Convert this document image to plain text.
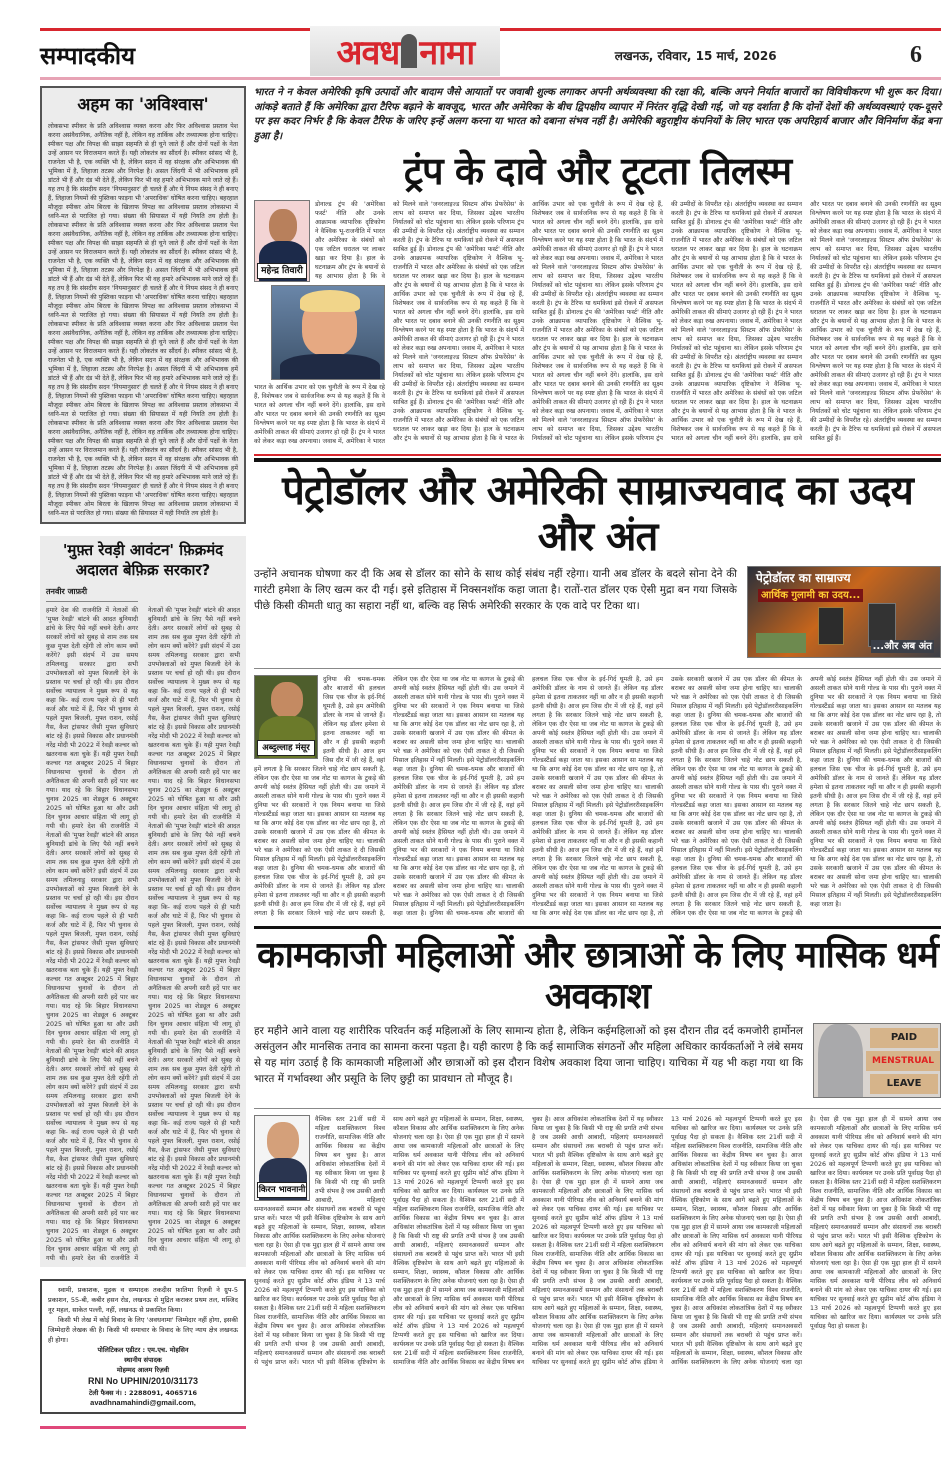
सम्पादकीय	अवध नामा	लखनऊ, रविवार, 15 मार्च, 2026	6
अहम का 'अविश्वास'
लोकसभा स्पीकर के प्रति अविश्वास व्यक्त करना और फिर अविश्वास प्रस्ताव पेश करना असंवैधानिक, अनैतिक नहीं है, लेकिन वह तार्किक और तथ्यात्मक होना चाहिए। स्पीकर पक्ष और विपक्ष की साझा सहमति से ही चुने जाते हैं और दोनों पक्षों के नेता उन्हें आसन पर विराजमान करते हैं। यही लोकतंत्र का सौंदर्य है। स्पीकर सांसद भी है, राजनेता भी है, एक व्यक्ति भी है, लेकिन सदन में वह संरक्षक और अभिभावक की भूमिका में है, लिहाजा तटस्थ और निरपेक्ष है। असल जिंदगी में भी अभिभावक हमें डांटते भी हैं और दंड भी देते हैं, लेकिन फिर भी वह हमारे अभिभावक माने जाते रहे हैं। यह तय है कि संसदीय सदन 'नियमानुसार' ही चलते हैं और ये नियम संसद ने ही बनाए हैं, लिहाजा नियमों की पुस्तिका फाड़ना भी 'अपराधिक' घोषित करना चाहिए। बहरहाल मौजूदा स्पीकर ओम बिरला के खिलाफ विपक्ष का अविश्वास प्रस्ताव लोकसभा में ध्वनि-मत से पराजित हो गया। संख्या की सियासत में यही नियति तय होती है। लोकसभा स्पीकर के प्रति अविश्वास व्यक्त करना और फिर अविश्वास प्रस्ताव पेश करना असंवैधानिक, अनैतिक नहीं है, लेकिन वह तार्किक और तथ्यात्मक होना चाहिए। स्पीकर पक्ष और विपक्ष की साझा सहमति से ही चुने जाते हैं और दोनों पक्षों के नेता उन्हें आसन पर विराजमान करते हैं। यही लोकतंत्र का सौंदर्य है। स्पीकर सांसद भी है, राजनेता भी है, एक व्यक्ति भी है, लेकिन सदन में वह संरक्षक और अभिभावक की भूमिका में है, लिहाजा तटस्थ और निरपेक्ष है। असल जिंदगी में भी अभिभावक हमें डांटते भी हैं और दंड भी देते हैं, लेकिन फिर भी वह हमारे अभिभावक माने जाते रहे हैं। यह तय है कि संसदीय सदन 'नियमानुसार' ही चलते हैं और ये नियम संसद ने ही बनाए हैं, लिहाजा नियमों की पुस्तिका फाड़ना भी 'अपराधिक' घोषित करना चाहिए। बहरहाल मौजूदा स्पीकर ओम बिरला के खिलाफ विपक्ष का अविश्वास प्रस्ताव लोकसभा में ध्वनि-मत से पराजित हो गया। संख्या की सियासत में यही नियति तय होती है। लोकसभा स्पीकर के प्रति अविश्वास व्यक्त करना और फिर अविश्वास प्रस्ताव पेश करना असंवैधानिक, अनैतिक नहीं है, लेकिन वह तार्किक और तथ्यात्मक होना चाहिए। स्पीकर पक्ष और विपक्ष की साझा सहमति से ही चुने जाते हैं और दोनों पक्षों के नेता उन्हें आसन पर विराजमान करते हैं। यही लोकतंत्र का सौंदर्य है। स्पीकर सांसद भी है, राजनेता भी है, एक व्यक्ति भी है, लेकिन सदन में वह संरक्षक और अभिभावक की भूमिका में है, लिहाजा तटस्थ और निरपेक्ष है। असल जिंदगी में भी अभिभावक हमें डांटते भी हैं और दंड भी देते हैं, लेकिन फिर भी वह हमारे अभिभावक माने जाते रहे हैं। यह तय है कि संसदीय सदन 'नियमानुसार' ही चलते हैं और ये नियम संसद ने ही बनाए हैं, लिहाजा नियमों की पुस्तिका फाड़ना भी 'अपराधिक' घोषित करना चाहिए। बहरहाल मौजूदा स्पीकर ओम बिरला के खिलाफ विपक्ष का अविश्वास प्रस्ताव लोकसभा में ध्वनि-मत से पराजित हो गया। संख्या की सियासत में यही नियति तय होती है। लोकसभा स्पीकर के प्रति अविश्वास व्यक्त करना और फिर अविश्वास प्रस्ताव पेश करना असंवैधानिक, अनैतिक नहीं है, लेकिन वह तार्किक और तथ्यात्मक होना चाहिए। स्पीकर पक्ष और विपक्ष की साझा सहमति से ही चुने जाते हैं और दोनों पक्षों के नेता उन्हें आसन पर विराजमान करते हैं। यही लोकतंत्र का सौंदर्य है। स्पीकर सांसद भी है, राजनेता भी है, एक व्यक्ति भी है, लेकिन सदन में वह संरक्षक और अभिभावक की भूमिका में है, लिहाजा तटस्थ और निरपेक्ष है। असल जिंदगी में भी अभिभावक हमें डांटते भी हैं और दंड भी देते हैं, लेकिन फिर भी वह हमारे अभिभावक माने जाते रहे हैं। यह तय है कि संसदीय सदन 'नियमानुसार' ही चलते हैं और ये नियम संसद ने ही बनाए हैं, लिहाजा नियमों की पुस्तिका फाड़ना भी 'अपराधिक' घोषित करना चाहिए। बहरहाल मौजूदा स्पीकर ओम बिरला के खिलाफ विपक्ष का अविश्वास प्रस्ताव लोकसभा में ध्वनि-मत से पराजित हो गया। संख्या की सियासत में यही नियति तय होती है।
'मुफ़्त रेवड़ी आवंटन' फ़िक्रमंद अदालत बेफ़िक्र सरकार?
तनवीर जाफ़री
हमारे देश की राजनीति में नेताओं की 'मुफ्त रेवड़ी' बांटने की आदत बुनियादी ढांचे के लिए पैसे नहीं बचने देती। अगर सरकारें लोगों को सुबह से शाम तक सब कुछ मुफ्त देती रहेंगी तो लोग काम क्यों करेंगे? इसी संदर्भ में उस समय तमिलनाडु सरकार द्वारा सभी उपभोक्ताओं को मुफ्त बिजली देने के प्रस्ताव पर चर्चा हो रही थी। इस दौरान सर्वोच्च न्यायालय ने मुख्य रूप से यह कहा कि- कई राज्य पहले से ही भारी कर्ज और घाटे में हैं, फिर भी चुनाव से पहले मुफ्त बिजली, मुफ्त राशन, रसोई गैस, कैश ट्रांसफर जैसी मुफ्त सुविधाएं बांट रहे हैं। इससे विकास और प्रधानमंत्री नरेंद्र मोदी भी 2022 में रेवड़ी कल्चर को खतरनाक बता चुके हैं। यही मुफ्त रेवड़ी कल्चर गत अक्टूबर 2025 में बिहार विधानसभा चुनावों के दौरान तो अनैतिकता की अपनी सारी हदें पार कर गया। याद रहे कि बिहार विधानसभा चुनाव 2025 का शेड्यूल 6 अक्टूबर 2025 को घोषित हुआ था और उसी दिन चुनाव आचार संहिता भी लागू हो गयी थी। हमारे देश की राजनीति में नेताओं की 'मुफ्त रेवड़ी' बांटने की आदत बुनियादी ढांचे के लिए पैसे नहीं बचने देती। अगर सरकारें लोगों को सुबह से शाम तक सब कुछ मुफ्त देती रहेंगी तो लोग काम क्यों करेंगे? इसी संदर्भ में उस समय तमिलनाडु सरकार द्वारा सभी उपभोक्ताओं को मुफ्त बिजली देने के प्रस्ताव पर चर्चा हो रही थी। इस दौरान सर्वोच्च न्यायालय ने मुख्य रूप से यह कहा कि- कई राज्य पहले से ही भारी कर्ज और घाटे में हैं, फिर भी चुनाव से पहले मुफ्त बिजली, मुफ्त राशन, रसोई गैस, कैश ट्रांसफर जैसी मुफ्त सुविधाएं बांट रहे हैं। इससे विकास और प्रधानमंत्री नरेंद्र मोदी भी 2022 में रेवड़ी कल्चर को खतरनाक बता चुके हैं। यही मुफ्त रेवड़ी कल्चर गत अक्टूबर 2025 में बिहार विधानसभा चुनावों के दौरान तो अनैतिकता की अपनी सारी हदें पार कर गया। याद रहे कि बिहार विधानसभा चुनाव 2025 का शेड्यूल 6 अक्टूबर 2025 को घोषित हुआ था और उसी दिन चुनाव आचार संहिता भी लागू हो गयी थी। हमारे देश की राजनीति में नेताओं की 'मुफ्त रेवड़ी' बांटने की आदत बुनियादी ढांचे के लिए पैसे नहीं बचने देती। अगर सरकारें लोगों को सुबह से शाम तक सब कुछ मुफ्त देती रहेंगी तो लोग काम क्यों करेंगे? इसी संदर्भ में उस समय तमिलनाडु सरकार द्वारा सभी उपभोक्ताओं को मुफ्त बिजली देने के प्रस्ताव पर चर्चा हो रही थी। इस दौरान सर्वोच्च न्यायालय ने मुख्य रूप से यह कहा कि- कई राज्य पहले से ही भारी कर्ज और घाटे में हैं, फिर भी चुनाव से पहले मुफ्त बिजली, मुफ्त राशन, रसोई गैस, कैश ट्रांसफर जैसी मुफ्त सुविधाएं बांट रहे हैं। इससे विकास और प्रधानमंत्री नरेंद्र मोदी भी 2022 में रेवड़ी कल्चर को खतरनाक बता चुके हैं। यही मुफ्त रेवड़ी कल्चर गत अक्टूबर 2025 में बिहार विधानसभा चुनावों के दौरान तो अनैतिकता की अपनी सारी हदें पार कर गया। याद रहे कि बिहार विधानसभा चुनाव 2025 का शेड्यूल 6 अक्टूबर 2025 को घोषित हुआ था और उसी दिन चुनाव आचार संहिता भी लागू हो गयी थी। हमारे देश की राजनीति में नेताओं की 'मुफ्त रेवड़ी' बांटने की आदत बुनियादी ढांचे के लिए पैसे नहीं बचने देती। अगर सरकारें लोगों को सुबह से शाम तक सब कुछ मुफ्त देती रहेंगी तो लोग काम क्यों करेंगे? इसी संदर्भ में उस समय तमिलनाडु सरकार द्वारा सभी उपभोक्ताओं को मुफ्त बिजली देने के प्रस्ताव पर चर्चा हो रही थी। इस दौरान सर्वोच्च न्यायालय ने मुख्य रूप से यह कहा कि- कई राज्य पहले से ही भारी कर्ज और घाटे में हैं, फिर भी चुनाव से पहले मुफ्त बिजली, मुफ्त राशन, रसोई गैस, कैश ट्रांसफर जैसी मुफ्त सुविधाएं बांट रहे हैं। इससे विकास और प्रधानमंत्री नरेंद्र मोदी भी 2022 में रेवड़ी कल्चर को खतरनाक बता चुके हैं। यही मुफ्त रेवड़ी कल्चर गत अक्टूबर 2025 में बिहार विधानसभा चुनावों के दौरान तो अनैतिकता की अपनी सारी हदें पार कर गया। याद रहे कि बिहार विधानसभा चुनाव 2025 का शेड्यूल 6 अक्टूबर 2025 को घोषित हुआ था और उसी दिन चुनाव आचार संहिता भी लागू हो गयी थी। हमारे देश की राजनीति में नेताओं की 'मुफ्त रेवड़ी' बांटने की आदत बुनियादी ढांचे के लिए पैसे नहीं बचने देती। अगर सरकारें लोगों को सुबह से शाम तक सब कुछ मुफ्त देती रहेंगी तो लोग काम क्यों करेंगे? इसी संदर्भ में उस समय तमिलनाडु सरकार द्वारा सभी उपभोक्ताओं को मुफ्त बिजली देने के प्रस्ताव पर चर्चा हो रही थी। इस दौरान सर्वोच्च न्यायालय ने मुख्य रूप से यह कहा कि- कई राज्य पहले से ही भारी कर्ज और घाटे में हैं, फिर भी चुनाव से पहले मुफ्त बिजली, मुफ्त राशन, रसोई गैस, कैश ट्रांसफर जैसी मुफ्त सुविधाएं बांट रहे हैं। इससे विकास और प्रधानमंत्री नरेंद्र मोदी भी 2022 में रेवड़ी कल्चर को खतरनाक बता चुके हैं। यही मुफ्त रेवड़ी कल्चर गत अक्टूबर 2025 में बिहार विधानसभा चुनावों के दौरान तो अनैतिकता की अपनी सारी हदें पार कर गया। याद रहे कि बिहार विधानसभा चुनाव 2025 का शेड्यूल 6 अक्टूबर 2025 को घोषित हुआ था और उसी दिन चुनाव आचार संहिता भी लागू हो गयी थी। हमारे देश की राजनीति में नेताओं की 'मुफ्त रेवड़ी' बांटने की आदत बुनियादी ढांचे के लिए पैसे नहीं बचने देती। अगर सरकारें लोगों को सुबह से शाम तक सब कुछ मुफ्त देती रहेंगी तो लोग काम क्यों करेंगे? इसी संदर्भ में उस समय तमिलनाडु सरकार द्वारा सभी उपभोक्ताओं को मुफ्त बिजली देने के प्रस्ताव पर चर्चा हो रही थी। इस दौरान सर्वोच्च न्यायालय ने मुख्य रूप से यह कहा कि- कई राज्य पहले से ही भारी कर्ज और घाटे में हैं, फिर भी चुनाव से पहले मुफ्त बिजली, मुफ्त राशन, रसोई गैस, कैश ट्रांसफर जैसी मुफ्त सुविधाएं बांट रहे हैं। इससे विकास और प्रधानमंत्री नरेंद्र मोदी भी 2022 में रेवड़ी कल्चर को खतरनाक बता चुके हैं। यही मुफ्त रेवड़ी कल्चर गत अक्टूबर 2025 में बिहार विधानसभा चुनावों के दौरान तो अनैतिकता की अपनी सारी हदें पार कर गया। याद रहे कि बिहार विधानसभा चुनाव 2025 का शेड्यूल 6 अक्टूबर 2025 को घोषित हुआ था और उसी दिन चुनाव आचार संहिता भी लागू हो गयी थी।
स्वामी, प्रकाशक, मुद्रक व सम्पादक तकदीस फ़ातिमा रिज़वी ने ग्रुप-5 प्रकाशन, 55-बी, कबीर हसन रोड, लखनऊ से मुद्रित कराकर प्रथम तल, मस्जिद नूर महल, साकेत पल्ली, नहीं, लखनऊ से प्रकाशित किया।
किसी भी लेख में कोई विवाद के लिए 'अवधनामा' जिम्मेदार नहीं होगा, इसकी जिम्मेदारी लेखक की है। किसी भी समाचार के विवाद के लिए न्याय क्षेत्र लखनऊ ही होगा।
पोलिटिकल एडीटर : एम.एच. मोहसिन
स्थानीय संपादक
मोहम्मद आलम रिज़वी
RNI No UPHIN/2010/31173
टेली फैक्स नं। : 2288091, 4065716
avadhnamahindi@gmail.com,
भारत ने न केवल अमेरिकी कृषि उत्पादों और बादाम जैसे आयातों पर जवाबी शुल्क लगाकर अपनी अर्थव्यवस्था की रक्षा की, बल्कि अपने निर्यात बाजारों का विविधीकरण भी शुरू कर दिया। आंकड़े बताते हैं कि अमेरिका द्वारा टैरिफ बढ़ाने के बावजूद, भारत और अमेरिका के बीच द्विपक्षीय व्यापार में निरंतर वृद्धि देखी गई, जो यह दर्शाता है कि दोनों देशों की अर्थव्यवस्थाएं एक-दूसरे पर इस कदर निर्भर है कि केवल टैरिफ के जरिए इन्हें अलग करना या भारत को दबाना संभव नहीं है। अमेरिकी बहुराष्ट्रीय कंपनियों के लिए भारत एक अपरिहार्य बाजार और विनिर्माण केंद्र बना हुआ है।
ट्रंप के दावे और टूटता तिलस्म
महेन्द्र तिवारी
डोनाल्ड ट्रंप की 'अमेरिका फर्स्ट' नीति और उनके आक्रामक व्यापारिक दृष्टिकोण ने वैश्विक भू-राजनीति में भारत और अमेरिका के संबंधों को एक जटिल धरातल पर लाकर खड़ा कर दिया है। हाल के घटनाक्रम और ट्रंप के बयानों से यह आभास होता है कि वे भारत के आर्थिक उभार को एक चुनौती के रूप में देख रहे हैं, विशेषकर जब वे सार्वजनिक रूप से यह कहते हैं कि वे भारत को अगला चीन नहीं बनने देंगे। हालांकि, इस दावे और भारत पर दबाव बनाने की उनकी रणनीति का सूक्ष्म विश्लेषण करने पर यह स्पष्ट होता है कि भारत के संदर्भ में अमेरिकी ताकत की सीमाएं उजागर हो रही हैं। ट्रंप ने भारत को लेकर कड़ा रुख अपनाया। जवाब में, अमेरिका ने भारत को मिलने वाले 'जनरलाइज्ड सिस्टम ऑफ प्रेफरेंसेस' के लाभ को समाप्त कर दिया, जिसका उद्देश्य भारतीय निर्यातकों को चोट पहुंचाना था। लेकिन इसके परिणाम ट्रंप की उम्मीदों के विपरीत रहे। अंतर्राष्ट्रीय व्यवस्था का सम्मान करती है। ट्रंप के टैरिफ या धमकियां इसे रोकने में असफल साबित हुई हैं। डोनाल्ड ट्रंप की 'अमेरिका फर्स्ट' नीति और उनके आक्रामक व्यापारिक दृष्टिकोण ने वैश्विक भू-राजनीति में भारत और अमेरिका के संबंधों को एक जटिल धरातल पर लाकर खड़ा कर दिया है। हाल के घटनाक्रम और ट्रंप के बयानों से यह आभास होता है कि वे भारत के आर्थिक उभार को एक चुनौती के रूप में देख रहे हैं, विशेषकर जब वे सार्वजनिक रूप से यह कहते हैं कि वे भारत को अगला चीन नहीं बनने देंगे। हालांकि, इस दावे और भारत पर दबाव बनाने की उनकी रणनीति का सूक्ष्म विश्लेषण करने पर यह स्पष्ट होता है कि भारत के संदर्भ में अमेरिकी ताकत की सीमाएं उजागर हो रही हैं। ट्रंप ने भारत को लेकर कड़ा रुख अपनाया। जवाब में, अमेरिका ने भारत को मिलने वाले 'जनरलाइज्ड सिस्टम ऑफ प्रेफरेंसेस' के लाभ को समाप्त कर दिया, जिसका उद्देश्य भारतीय निर्यातकों को चोट पहुंचाना था। लेकिन इसके परिणाम ट्रंप की उम्मीदों के विपरीत रहे। अंतर्राष्ट्रीय व्यवस्था का सम्मान करती है। ट्रंप के टैरिफ या धमकियां इसे रोकने में असफल साबित हुई हैं। डोनाल्ड ट्रंप की 'अमेरिका फर्स्ट' नीति और उनके आक्रामक व्यापारिक दृष्टिकोण ने वैश्विक भू-राजनीति में भारत और अमेरिका के संबंधों को एक जटिल धरातल पर लाकर खड़ा कर दिया है। हाल के घटनाक्रम और ट्रंप के बयानों से यह आभास होता है कि वे भारत के आर्थिक उभार को एक चुनौती के रूप में देख रहे हैं, विशेषकर जब वे सार्वजनिक रूप से यह कहते हैं कि वे भारत को अगला चीन नहीं बनने देंगे। हालांकि, इस दावे और भारत पर दबाव बनाने की उनकी रणनीति का सूक्ष्म विश्लेषण करने पर यह स्पष्ट होता है कि भारत के संदर्भ में अमेरिकी ताकत की सीमाएं उजागर हो रही हैं। ट्रंप ने भारत को लेकर कड़ा रुख अपनाया। जवाब में, अमेरिका ने भारत को मिलने वाले 'जनरलाइज्ड सिस्टम ऑफ प्रेफरेंसेस' के लाभ को समाप्त कर दिया, जिसका उद्देश्य भारतीय निर्यातकों को चोट पहुंचाना था। लेकिन इसके परिणाम ट्रंप की उम्मीदों के विपरीत रहे। अंतर्राष्ट्रीय व्यवस्था का सम्मान करती है। ट्रंप के टैरिफ या धमकियां इसे रोकने में असफल साबित हुई हैं। डोनाल्ड ट्रंप की 'अमेरिका फर्स्ट' नीति और उनके आक्रामक व्यापारिक दृष्टिकोण ने वैश्विक भू-राजनीति में भारत और अमेरिका के संबंधों को एक जटिल धरातल पर लाकर खड़ा कर दिया है। हाल के घटनाक्रम और ट्रंप के बयानों से यह आभास होता है कि वे भारत के आर्थिक उभार को एक चुनौती के रूप में देख रहे हैं, विशेषकर जब वे सार्वजनिक रूप से यह कहते हैं कि वे भारत को अगला चीन नहीं बनने देंगे। हालांकि, इस दावे और भारत पर दबाव बनाने की उनकी रणनीति का सूक्ष्म विश्लेषण करने पर यह स्पष्ट होता है कि भारत के संदर्भ में अमेरिकी ताकत की सीमाएं उजागर हो रही हैं। ट्रंप ने भारत को लेकर कड़ा रुख अपनाया। जवाब में, अमेरिका ने भारत को मिलने वाले 'जनरलाइज्ड सिस्टम ऑफ प्रेफरेंसेस' के लाभ को समाप्त कर दिया, जिसका उद्देश्य भारतीय निर्यातकों को चोट पहुंचाना था। लेकिन इसके परिणाम ट्रंप की उम्मीदों के विपरीत रहे। अंतर्राष्ट्रीय व्यवस्था का सम्मान करती है। ट्रंप के टैरिफ या धमकियां इसे रोकने में असफल साबित हुई हैं। डोनाल्ड ट्रंप की 'अमेरिका फर्स्ट' नीति और उनके आक्रामक व्यापारिक दृष्टिकोण ने वैश्विक भू-राजनीति में भारत और अमेरिका के संबंधों को एक जटिल धरातल पर लाकर खड़ा कर दिया है। हाल के घटनाक्रम और ट्रंप के बयानों से यह आभास होता है कि वे भारत के आर्थिक उभार को एक चुनौती के रूप में देख रहे हैं, विशेषकर जब वे सार्वजनिक रूप से यह कहते हैं कि वे भारत को अगला चीन नहीं बनने देंगे। हालांकि, इस दावे और भारत पर दबाव बनाने की उनकी रणनीति का सूक्ष्म विश्लेषण करने पर यह स्पष्ट होता है कि भारत के संदर्भ में अमेरिकी ताकत की सीमाएं उजागर हो रही हैं। ट्रंप ने भारत को लेकर कड़ा रुख अपनाया। जवाब में, अमेरिका ने भारत को मिलने वाले 'जनरलाइज्ड सिस्टम ऑफ प्रेफरेंसेस' के लाभ को समाप्त कर दिया, जिसका उद्देश्य भारतीय निर्यातकों को चोट पहुंचाना था। लेकिन इसके परिणाम ट्रंप की उम्मीदों के विपरीत रहे। अंतर्राष्ट्रीय व्यवस्था का सम्मान करती है। ट्रंप के टैरिफ या धमकियां इसे रोकने में असफल साबित हुई हैं। डोनाल्ड ट्रंप की 'अमेरिका फर्स्ट' नीति और उनके आक्रामक व्यापारिक दृष्टिकोण ने वैश्विक भू-राजनीति में भारत और अमेरिका के संबंधों को एक जटिल धरातल पर लाकर खड़ा कर दिया है। हाल के घटनाक्रम और ट्रंप के बयानों से यह आभास होता है कि वे भारत के आर्थिक उभार को एक चुनौती के रूप में देख रहे हैं, विशेषकर जब वे सार्वजनिक रूप से यह कहते हैं कि वे भारत को अगला चीन नहीं बनने देंगे। हालांकि, इस दावे और भारत पर दबाव बनाने की उनकी रणनीति का सूक्ष्म विश्लेषण करने पर यह स्पष्ट होता है कि भारत के संदर्भ में अमेरिकी ताकत की सीमाएं उजागर हो रही हैं। ट्रंप ने भारत को लेकर कड़ा रुख अपनाया। जवाब में, अमेरिका ने भारत को मिलने वाले 'जनरलाइज्ड सिस्टम ऑफ प्रेफरेंसेस' के लाभ को समाप्त कर दिया, जिसका उद्देश्य भारतीय निर्यातकों को चोट पहुंचाना था। लेकिन इसके परिणाम ट्रंप की उम्मीदों के विपरीत रहे। अंतर्राष्ट्रीय व्यवस्था का सम्मान करती है। ट्रंप के टैरिफ या धमकियां इसे रोकने में असफल साबित हुई हैं। डोनाल्ड ट्रंप की 'अमेरिका फर्स्ट' नीति और उनके आक्रामक व्यापारिक दृष्टिकोण ने वैश्विक भू-राजनीति में भारत और अमेरिका के संबंधों को एक जटिल धरातल पर लाकर खड़ा कर दिया है। हाल के घटनाक्रम और ट्रंप के बयानों से यह आभास होता है कि वे भारत के आर्थिक उभार को एक चुनौती के रूप में देख रहे हैं, विशेषकर जब वे सार्वजनिक रूप से यह कहते हैं कि वे भारत को अगला चीन नहीं बनने देंगे। हालांकि, इस दावे और भारत पर दबाव बनाने की उनकी रणनीति का सूक्ष्म विश्लेषण करने पर यह स्पष्ट होता है कि भारत के संदर्भ में अमेरिकी ताकत की सीमाएं उजागर हो रही हैं। ट्रंप ने भारत को लेकर कड़ा रुख अपनाया। जवाब में, अमेरिका ने भारत को मिलने वाले 'जनरलाइज्ड सिस्टम ऑफ प्रेफरेंसेस' के लाभ को समाप्त कर दिया, जिसका उद्देश्य भारतीय निर्यातकों को चोट पहुंचाना था। लेकिन इसके परिणाम ट्रंप की उम्मीदों के विपरीत रहे। अंतर्राष्ट्रीय व्यवस्था का सम्मान करती है। ट्रंप के टैरिफ या धमकियां इसे रोकने में असफल साबित हुई हैं।
पेट्रोडॉलर और अमेरिकी साम्राज्यवाद का उदय और अंत
उन्होंने अचानक घोषणा कर दी कि अब से डॉलर का सोने के साथ कोई संबंध नहीं रहेगा। यानी अब डॉलर के बदले सोना देने की गारंटी हमेशा के लिए खत्म कर दी गई। इसे इतिहास में निक्सनशॉक कहा जाता है। रातों-रात डॉलर एक ऐसी मुद्रा बन गया जिसके पीछे किसी कीमती धातु का सहारा नहीं था, बल्कि वह सिर्फ अमेरिकी सरकार के एक वादे पर टिका था।
पेट्रोडॉलर का साम्राज्य
आर्थिक गुलामी का उदय...
...और अब अंत
अब्दुल्लाह मंसूर
दुनिया की चमक-धमक और बाजारों की हलचल जिस एक चीज के इर्द-गिर्द घूमती है, उसे हम अमेरिकी डॉलर के नाम से जानते हैं। लेकिन यह डॉलर हमेशा से इतना ताकतवर नहीं था और न ही इसकी कहानी इतनी सीधी है। आज हम जिस दौर में जी रहे हैं, वहां हमें लगता है कि सरकार जितने चाहे नोट छाप सकती है, लेकिन एक दौर ऐसा था जब नोट या कागज के टुकड़े की अपनी कोई स्वतंत्र हैसियत नहीं होती थी। उस जमाने में असली ताकत सोने यानी गोल्ड के पास थी। पुराने वक्त में दुनिया भर की सरकारों ने एक नियम बनाया था जिसे गोल्डस्टैंडर्ड कहा जाता था। इसका आसान सा मतलब यह था कि अगर कोई देश एक डॉलर का नोट छाप रहा है, तो उसके सरकारी खजाने में उस एक डॉलर की कीमत के बराबर का असली सोना जमा होना चाहिए था। चालाकी भरे चक्र ने अमेरिका को एक ऐसी ताकत दे दी जिसकी मिसाल इतिहास में नहीं मिलती। इसे पेट्रोडॉलररीसाइकलिंग कहा जाता है। दुनिया की चमक-धमक और बाजारों की हलचल जिस एक चीज के इर्द-गिर्द घूमती है, उसे हम अमेरिकी डॉलर के नाम से जानते हैं। लेकिन यह डॉलर हमेशा से इतना ताकतवर नहीं था और न ही इसकी कहानी इतनी सीधी है। आज हम जिस दौर में जी रहे हैं, वहां हमें लगता है कि सरकार जितने चाहे नोट छाप सकती है, लेकिन एक दौर ऐसा था जब नोट या कागज के टुकड़े की अपनी कोई स्वतंत्र हैसियत नहीं होती थी। उस जमाने में असली ताकत सोने यानी गोल्ड के पास थी। पुराने वक्त में दुनिया भर की सरकारों ने एक नियम बनाया था जिसे गोल्डस्टैंडर्ड कहा जाता था। इसका आसान सा मतलब यह था कि अगर कोई देश एक डॉलर का नोट छाप रहा है, तो उसके सरकारी खजाने में उस एक डॉलर की कीमत के बराबर का असली सोना जमा होना चाहिए था। चालाकी भरे चक्र ने अमेरिका को एक ऐसी ताकत दे दी जिसकी मिसाल इतिहास में नहीं मिलती। इसे पेट्रोडॉलररीसाइकलिंग कहा जाता है। दुनिया की चमक-धमक और बाजारों की हलचल जिस एक चीज के इर्द-गिर्द घूमती है, उसे हम अमेरिकी डॉलर के नाम से जानते हैं। लेकिन यह डॉलर हमेशा से इतना ताकतवर नहीं था और न ही इसकी कहानी इतनी सीधी है। आज हम जिस दौर में जी रहे हैं, वहां हमें लगता है कि सरकार जितने चाहे नोट छाप सकती है, लेकिन एक दौर ऐसा था जब नोट या कागज के टुकड़े की अपनी कोई स्वतंत्र हैसियत नहीं होती थी। उस जमाने में असली ताकत सोने यानी गोल्ड के पास थी। पुराने वक्त में दुनिया भर की सरकारों ने एक नियम बनाया था जिसे गोल्डस्टैंडर्ड कहा जाता था। इसका आसान सा मतलब यह था कि अगर कोई देश एक डॉलर का नोट छाप रहा है, तो उसके सरकारी खजाने में उस एक डॉलर की कीमत के बराबर का असली सोना जमा होना चाहिए था। चालाकी भरे चक्र ने अमेरिका को एक ऐसी ताकत दे दी जिसकी मिसाल इतिहास में नहीं मिलती। इसे पेट्रोडॉलररीसाइकलिंग कहा जाता है। दुनिया की चमक-धमक और बाजारों की हलचल जिस एक चीज के इर्द-गिर्द घूमती है, उसे हम अमेरिकी डॉलर के नाम से जानते हैं। लेकिन यह डॉलर हमेशा से इतना ताकतवर नहीं था और न ही इसकी कहानी इतनी सीधी है। आज हम जिस दौर में जी रहे हैं, वहां हमें लगता है कि सरकार जितने चाहे नोट छाप सकती है, लेकिन एक दौर ऐसा था जब नोट या कागज के टुकड़े की अपनी कोई स्वतंत्र हैसियत नहीं होती थी। उस जमाने में असली ताकत सोने यानी गोल्ड के पास थी। पुराने वक्त में दुनिया भर की सरकारों ने एक नियम बनाया था जिसे गोल्डस्टैंडर्ड कहा जाता था। इसका आसान सा मतलब यह था कि अगर कोई देश एक डॉलर का नोट छाप रहा है, तो उसके सरकारी खजाने में उस एक डॉलर की कीमत के बराबर का असली सोना जमा होना चाहिए था। चालाकी भरे चक्र ने अमेरिका को एक ऐसी ताकत दे दी जिसकी मिसाल इतिहास में नहीं मिलती। इसे पेट्रोडॉलररीसाइकलिंग कहा जाता है। दुनिया की चमक-धमक और बाजारों की हलचल जिस एक चीज के इर्द-गिर्द घूमती है, उसे हम अमेरिकी डॉलर के नाम से जानते हैं। लेकिन यह डॉलर हमेशा से इतना ताकतवर नहीं था और न ही इसकी कहानी इतनी सीधी है। आज हम जिस दौर में जी रहे हैं, वहां हमें लगता है कि सरकार जितने चाहे नोट छाप सकती है, लेकिन एक दौर ऐसा था जब नोट या कागज के टुकड़े की अपनी कोई स्वतंत्र हैसियत नहीं होती थी। उस जमाने में असली ताकत सोने यानी गोल्ड के पास थी। पुराने वक्त में दुनिया भर की सरकारों ने एक नियम बनाया था जिसे गोल्डस्टैंडर्ड कहा जाता था। इसका आसान सा मतलब यह था कि अगर कोई देश एक डॉलर का नोट छाप रहा है, तो उसके सरकारी खजाने में उस एक डॉलर की कीमत के बराबर का असली सोना जमा होना चाहिए था। चालाकी भरे चक्र ने अमेरिका को एक ऐसी ताकत दे दी जिसकी मिसाल इतिहास में नहीं मिलती। इसे पेट्रोडॉलररीसाइकलिंग कहा जाता है। दुनिया की चमक-धमक और बाजारों की हलचल जिस एक चीज के इर्द-गिर्द घूमती है, उसे हम अमेरिकी डॉलर के नाम से जानते हैं। लेकिन यह डॉलर हमेशा से इतना ताकतवर नहीं था और न ही इसकी कहानी इतनी सीधी है। आज हम जिस दौर में जी रहे हैं, वहां हमें लगता है कि सरकार जितने चाहे नोट छाप सकती है, लेकिन एक दौर ऐसा था जब नोट या कागज के टुकड़े की अपनी कोई स्वतंत्र हैसियत नहीं होती थी। उस जमाने में असली ताकत सोने यानी गोल्ड के पास थी। पुराने वक्त में दुनिया भर की सरकारों ने एक नियम बनाया था जिसे गोल्डस्टैंडर्ड कहा जाता था। इसका आसान सा मतलब यह था कि अगर कोई देश एक डॉलर का नोट छाप रहा है, तो उसके सरकारी खजाने में उस एक डॉलर की कीमत के बराबर का असली सोना जमा होना चाहिए था। चालाकी भरे चक्र ने अमेरिका को एक ऐसी ताकत दे दी जिसकी मिसाल इतिहास में नहीं मिलती। इसे पेट्रोडॉलररीसाइकलिंग कहा जाता है। दुनिया की चमक-धमक और बाजारों की हलचल जिस एक चीज के इर्द-गिर्द घूमती है, उसे हम अमेरिकी डॉलर के नाम से जानते हैं। लेकिन यह डॉलर हमेशा से इतना ताकतवर नहीं था और न ही इसकी कहानी इतनी सीधी है। आज हम जिस दौर में जी रहे हैं, वहां हमें लगता है कि सरकार जितने चाहे नोट छाप सकती है, लेकिन एक दौर ऐसा था जब नोट या कागज के टुकड़े की अपनी कोई स्वतंत्र हैसियत नहीं होती थी। उस जमाने में असली ताकत सोने यानी गोल्ड के पास थी। पुराने वक्त में दुनिया भर की सरकारों ने एक नियम बनाया था जिसे गोल्डस्टैंडर्ड कहा जाता था। इसका आसान सा मतलब यह था कि अगर कोई देश एक डॉलर का नोट छाप रहा है, तो उसके सरकारी खजाने में उस एक डॉलर की कीमत के बराबर का असली सोना जमा होना चाहिए था। चालाकी भरे चक्र ने अमेरिका को एक ऐसी ताकत दे दी जिसकी मिसाल इतिहास में नहीं मिलती। इसे पेट्रोडॉलररीसाइकलिंग कहा जाता है। दुनिया की चमक-धमक और बाजारों की हलचल जिस एक चीज के इर्द-गिर्द घूमती है, उसे हम अमेरिकी डॉलर के नाम से जानते हैं। लेकिन यह डॉलर हमेशा से इतना ताकतवर नहीं था और न ही इसकी कहानी इतनी सीधी है। आज हम जिस दौर में जी रहे हैं, वहां हमें लगता है कि सरकार जितने चाहे नोट छाप सकती है, लेकिन एक दौर ऐसा था जब नोट या कागज के टुकड़े की अपनी कोई स्वतंत्र हैसियत नहीं होती थी। उस जमाने में असली ताकत सोने यानी गोल्ड के पास थी। पुराने वक्त में दुनिया भर की सरकारों ने एक नियम बनाया था जिसे गोल्डस्टैंडर्ड कहा जाता था। इसका आसान सा मतलब यह था कि अगर कोई देश एक डॉलर का नोट छाप रहा है, तो उसके सरकारी खजाने में उस एक डॉलर की कीमत के बराबर का असली सोना जमा होना चाहिए था। चालाकी भरे चक्र ने अमेरिका को एक ऐसी ताकत दे दी जिसकी मिसाल इतिहास में नहीं मिलती। इसे पेट्रोडॉलररीसाइकलिंग कहा जाता है।
कामकाजी महिलाओं और छात्राओं के लिए मासिक धर्म अवकाश
हर महीने आने वाला यह शारीरिक परिवर्तन कई महिलाओं के लिए सामान्य होता है, लेकिन कईमहिलाओं को इस दौरान तीव्र दर्द कमजोरी हार्मोनल असंतुलन और मानसिक तनाव का सामना करना पड़ता है। यही कारण है कि कई सामाजिक संगठनों और महिला अधिकार कार्यकर्ताओं ने लंबे समय से यह मांग उठाई है कि कामकाजी महिलाओं और छात्राओं को इस दौरान विशेष अवकाश दिया जाना चाहिए। याचिका में यह भी कहा गया था कि भारत में गर्भावस्था और प्रसूति के लिए छुट्टी का प्रावधान तो मौजूद है।
PAID
MENSTRUAL
LEAVE
किरन भावनानी
वैश्विक स्तर 21वीं सदी में महिला सशक्तिकरण विश्व राजनीति, सामाजिक नीति और आर्थिक विकास का केंद्रीय विषय बन चुका है। आज अधिकांश लोकतांत्रिक देशों में यह स्वीकार किया जा चुका है कि किसी भी राष्ट्र की प्रगति तभी संभव है जब उसकी आधी आबादी, महिलाएं समानअवसरों सम्मान और संसाधनों तक बराबरी से पहुंच प्राप्त करें। भारत भी इसी वैश्विक दृष्टिकोण के साथ आगे बढ़ते हुए महिलाओं के सम्मान, शिक्षा, स्वास्थ्य, कौशल विकास और आर्थिक सशक्तिकरण के लिए अनेक योजनाएं चला रहा है। ऐसा ही एक मुद्दा हाल ही में सामने आया जब कामकाजी महिलाओं और छात्राओं के लिए मासिक धर्म अवकाश यानी पीरियड लीव को अनिवार्य बनाने की मांग को लेकर एक याचिका दायर की गई। इस याचिका पर सुनवाई करते हुए सुप्रीम कोर्ट ऑफ इंडिया ने 13 मार्च 2026 को महत्वपूर्ण टिप्पणी करते हुए इस याचिका को खारिज कर दिया। कार्यस्थल पर उनके प्रति पूर्वाग्रह पैदा हो सकता है। वैश्विक स्तर 21वीं सदी में महिला सशक्तिकरण विश्व राजनीति, सामाजिक नीति और आर्थिक विकास का केंद्रीय विषय बन चुका है। आज अधिकांश लोकतांत्रिक देशों में यह स्वीकार किया जा चुका है कि किसी भी राष्ट्र की प्रगति तभी संभव है जब उसकी आधी आबादी, महिलाएं समानअवसरों सम्मान और संसाधनों तक बराबरी से पहुंच प्राप्त करें। भारत भी इसी वैश्विक दृष्टिकोण के साथ आगे बढ़ते हुए महिलाओं के सम्मान, शिक्षा, स्वास्थ्य, कौशल विकास और आर्थिक सशक्तिकरण के लिए अनेक योजनाएं चला रहा है। ऐसा ही एक मुद्दा हाल ही में सामने आया जब कामकाजी महिलाओं और छात्राओं के लिए मासिक धर्म अवकाश यानी पीरियड लीव को अनिवार्य बनाने की मांग को लेकर एक याचिका दायर की गई। इस याचिका पर सुनवाई करते हुए सुप्रीम कोर्ट ऑफ इंडिया ने 13 मार्च 2026 को महत्वपूर्ण टिप्पणी करते हुए इस याचिका को खारिज कर दिया। कार्यस्थल पर उनके प्रति पूर्वाग्रह पैदा हो सकता है। वैश्विक स्तर 21वीं सदी में महिला सशक्तिकरण विश्व राजनीति, सामाजिक नीति और आर्थिक विकास का केंद्रीय विषय बन चुका है। आज अधिकांश लोकतांत्रिक देशों में यह स्वीकार किया जा चुका है कि किसी भी राष्ट्र की प्रगति तभी संभव है जब उसकी आधी आबादी, महिलाएं समानअवसरों सम्मान और संसाधनों तक बराबरी से पहुंच प्राप्त करें। भारत भी इसी वैश्विक दृष्टिकोण के साथ आगे बढ़ते हुए महिलाओं के सम्मान, शिक्षा, स्वास्थ्य, कौशल विकास और आर्थिक सशक्तिकरण के लिए अनेक योजनाएं चला रहा है। ऐसा ही एक मुद्दा हाल ही में सामने आया जब कामकाजी महिलाओं और छात्राओं के लिए मासिक धर्म अवकाश यानी पीरियड लीव को अनिवार्य बनाने की मांग को लेकर एक याचिका दायर की गई। इस याचिका पर सुनवाई करते हुए सुप्रीम कोर्ट ऑफ इंडिया ने 13 मार्च 2026 को महत्वपूर्ण टिप्पणी करते हुए इस याचिका को खारिज कर दिया। कार्यस्थल पर उनके प्रति पूर्वाग्रह पैदा हो सकता है। वैश्विक स्तर 21वीं सदी में महिला सशक्तिकरण विश्व राजनीति, सामाजिक नीति और आर्थिक विकास का केंद्रीय विषय बन चुका है। आज अधिकांश लोकतांत्रिक देशों में यह स्वीकार किया जा चुका है कि किसी भी राष्ट्र की प्रगति तभी संभव है जब उसकी आधी आबादी, महिलाएं समानअवसरों सम्मान और संसाधनों तक बराबरी से पहुंच प्राप्त करें। भारत भी इसी वैश्विक दृष्टिकोण के साथ आगे बढ़ते हुए महिलाओं के सम्मान, शिक्षा, स्वास्थ्य, कौशल विकास और आर्थिक सशक्तिकरण के लिए अनेक योजनाएं चला रहा है। ऐसा ही एक मुद्दा हाल ही में सामने आया जब कामकाजी महिलाओं और छात्राओं के लिए मासिक धर्म अवकाश यानी पीरियड लीव को अनिवार्य बनाने की मांग को लेकर एक याचिका दायर की गई। इस याचिका पर सुनवाई करते हुए सुप्रीम कोर्ट ऑफ इंडिया ने 13 मार्च 2026 को महत्वपूर्ण टिप्पणी करते हुए इस याचिका को खारिज कर दिया। कार्यस्थल पर उनके प्रति पूर्वाग्रह पैदा हो सकता है। वैश्विक स्तर 21वीं सदी में महिला सशक्तिकरण विश्व राजनीति, सामाजिक नीति और आर्थिक विकास का केंद्रीय विषय बन चुका है। आज अधिकांश लोकतांत्रिक देशों में यह स्वीकार किया जा चुका है कि किसी भी राष्ट्र की प्रगति तभी संभव है जब उसकी आधी आबादी, महिलाएं समानअवसरों सम्मान और संसाधनों तक बराबरी से पहुंच प्राप्त करें। भारत भी इसी वैश्विक दृष्टिकोण के साथ आगे बढ़ते हुए महिलाओं के सम्मान, शिक्षा, स्वास्थ्य, कौशल विकास और आर्थिक सशक्तिकरण के लिए अनेक योजनाएं चला रहा है। ऐसा ही एक मुद्दा हाल ही में सामने आया जब कामकाजी महिलाओं और छात्राओं के लिए मासिक धर्म अवकाश यानी पीरियड लीव को अनिवार्य बनाने की मांग को लेकर एक याचिका दायर की गई। इस याचिका पर सुनवाई करते हुए सुप्रीम कोर्ट ऑफ इंडिया ने 13 मार्च 2026 को महत्वपूर्ण टिप्पणी करते हुए इस याचिका को खारिज कर दिया। कार्यस्थल पर उनके प्रति पूर्वाग्रह पैदा हो सकता है। वैश्विक स्तर 21वीं सदी में महिला सशक्तिकरण विश्व राजनीति, सामाजिक नीति और आर्थिक विकास का केंद्रीय विषय बन चुका है। आज अधिकांश लोकतांत्रिक देशों में यह स्वीकार किया जा चुका है कि किसी भी राष्ट्र की प्रगति तभी संभव है जब उसकी आधी आबादी, महिलाएं समानअवसरों सम्मान और संसाधनों तक बराबरी से पहुंच प्राप्त करें। भारत भी इसी वैश्विक दृष्टिकोण के साथ आगे बढ़ते हुए महिलाओं के सम्मान, शिक्षा, स्वास्थ्य, कौशल विकास और आर्थिक सशक्तिकरण के लिए अनेक योजनाएं चला रहा है। ऐसा ही एक मुद्दा हाल ही में सामने आया जब कामकाजी महिलाओं और छात्राओं के लिए मासिक धर्म अवकाश यानी पीरियड लीव को अनिवार्य बनाने की मांग को लेकर एक याचिका दायर की गई। इस याचिका पर सुनवाई करते हुए सुप्रीम कोर्ट ऑफ इंडिया ने 13 मार्च 2026 को महत्वपूर्ण टिप्पणी करते हुए इस याचिका को खारिज कर दिया। कार्यस्थल पर उनके प्रति पूर्वाग्रह पैदा हो सकता है। वैश्विक स्तर 21वीं सदी में महिला सशक्तिकरण विश्व राजनीति, सामाजिक नीति और आर्थिक विकास का केंद्रीय विषय बन चुका है। आज अधिकांश लोकतांत्रिक देशों में यह स्वीकार किया जा चुका है कि किसी भी राष्ट्र की प्रगति तभी संभव है जब उसकी आधी आबादी, महिलाएं समानअवसरों सम्मान और संसाधनों तक बराबरी से पहुंच प्राप्त करें। भारत भी इसी वैश्विक दृष्टिकोण के साथ आगे बढ़ते हुए महिलाओं के सम्मान, शिक्षा, स्वास्थ्य, कौशल विकास और आर्थिक सशक्तिकरण के लिए अनेक योजनाएं चला रहा है। ऐसा ही एक मुद्दा हाल ही में सामने आया जब कामकाजी महिलाओं और छात्राओं के लिए मासिक धर्म अवकाश यानी पीरियड लीव को अनिवार्य बनाने की मांग को लेकर एक याचिका दायर की गई। इस याचिका पर सुनवाई करते हुए सुप्रीम कोर्ट ऑफ इंडिया ने 13 मार्च 2026 को महत्वपूर्ण टिप्पणी करते हुए इस याचिका को खारिज कर दिया। कार्यस्थल पर उनके प्रति पूर्वाग्रह पैदा हो सकता है। वैश्विक स्तर 21वीं सदी में महिला सशक्तिकरण विश्व राजनीति, सामाजिक नीति और आर्थिक विकास का केंद्रीय विषय बन चुका है। आज अधिकांश लोकतांत्रिक देशों में यह स्वीकार किया जा चुका है कि किसी भी राष्ट्र की प्रगति तभी संभव है जब उसकी आधी आबादी, महिलाएं समानअवसरों सम्मान और संसाधनों तक बराबरी से पहुंच प्राप्त करें। भारत भी इसी वैश्विक दृष्टिकोण के साथ आगे बढ़ते हुए महिलाओं के सम्मान, शिक्षा, स्वास्थ्य, कौशल विकास और आर्थिक सशक्तिकरण के लिए अनेक योजनाएं चला रहा है। ऐसा ही एक मुद्दा हाल ही में सामने आया जब कामकाजी महिलाओं और छात्राओं के लिए मासिक धर्म अवकाश यानी पीरियड लीव को अनिवार्य बनाने की मांग को लेकर एक याचिका दायर की गई। इस याचिका पर सुनवाई करते हुए सुप्रीम कोर्ट ऑफ इंडिया ने 13 मार्च 2026 को महत्वपूर्ण टिप्पणी करते हुए इस याचिका को खारिज कर दिया। कार्यस्थल पर उनके प्रति पूर्वाग्रह पैदा हो सकता है।
